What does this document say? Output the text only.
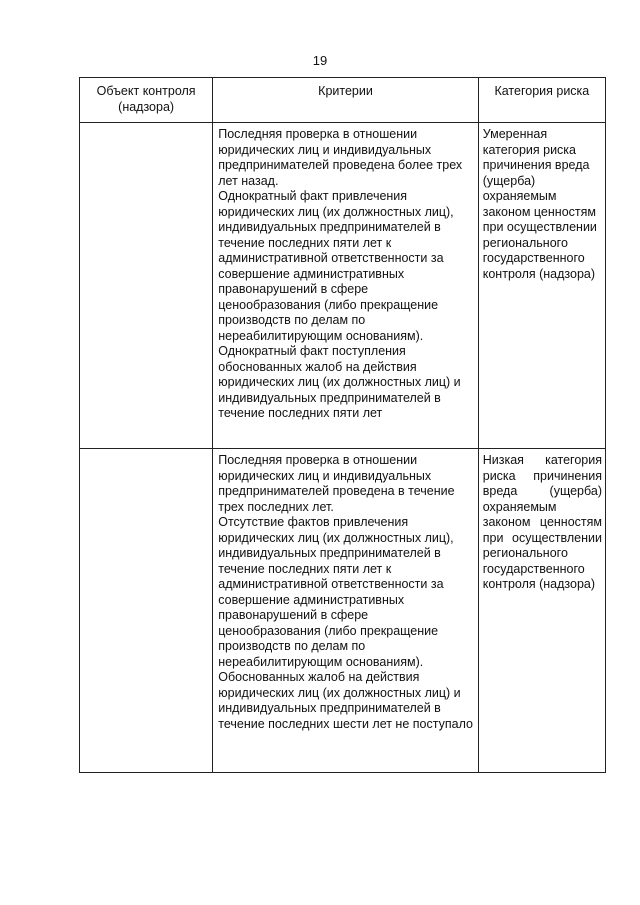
19
Объект контроля (надзора)	Критерии	Категория риска

	Последняя проверка в отношении юридических лиц и индивидуальных предпринимателей проведена более трех лет назад.

Однократный факт привлечения юридических лиц (их должностных лиц), индивидуальных предпринимателей в течение последних пяти лет к административной ответственности за совершение административных правонарушений в сфере ценообразования (либо прекращение производств по делам по нереабилитирующим основаниям).

Однократный факт поступления обоснованных жалоб на действия юридических лиц (их должностных лиц) и индивидуальных предпринимателей в течение последних пяти лет	Умеренная категория риска причинения вреда (ущерба) охраняемым законом ценностям при осуществлении регионального государственного контроля (надзора)

	Последняя проверка в отношении юридических лиц и индивидуальных предпринимателей проведена в течение трех последних лет.

Отсутствие фактов привлечения юридических лиц (их должностных лиц), индивидуальных предпринимателей в течение последних пяти лет к административной ответственности за совершение административных правонарушений в сфере ценообразования (либо прекращение производств по делам по нереабилитирующим основаниям).

Обоснованных жалоб на действия юридических лиц (их должностных лиц) и индивидуальных предпринимателей в течение последних шести лет не поступало	Низкая категория риска причинения вреда (ущерба) охраняемым законом ценностям при осуществлении регионального государственного контроля (надзора)
